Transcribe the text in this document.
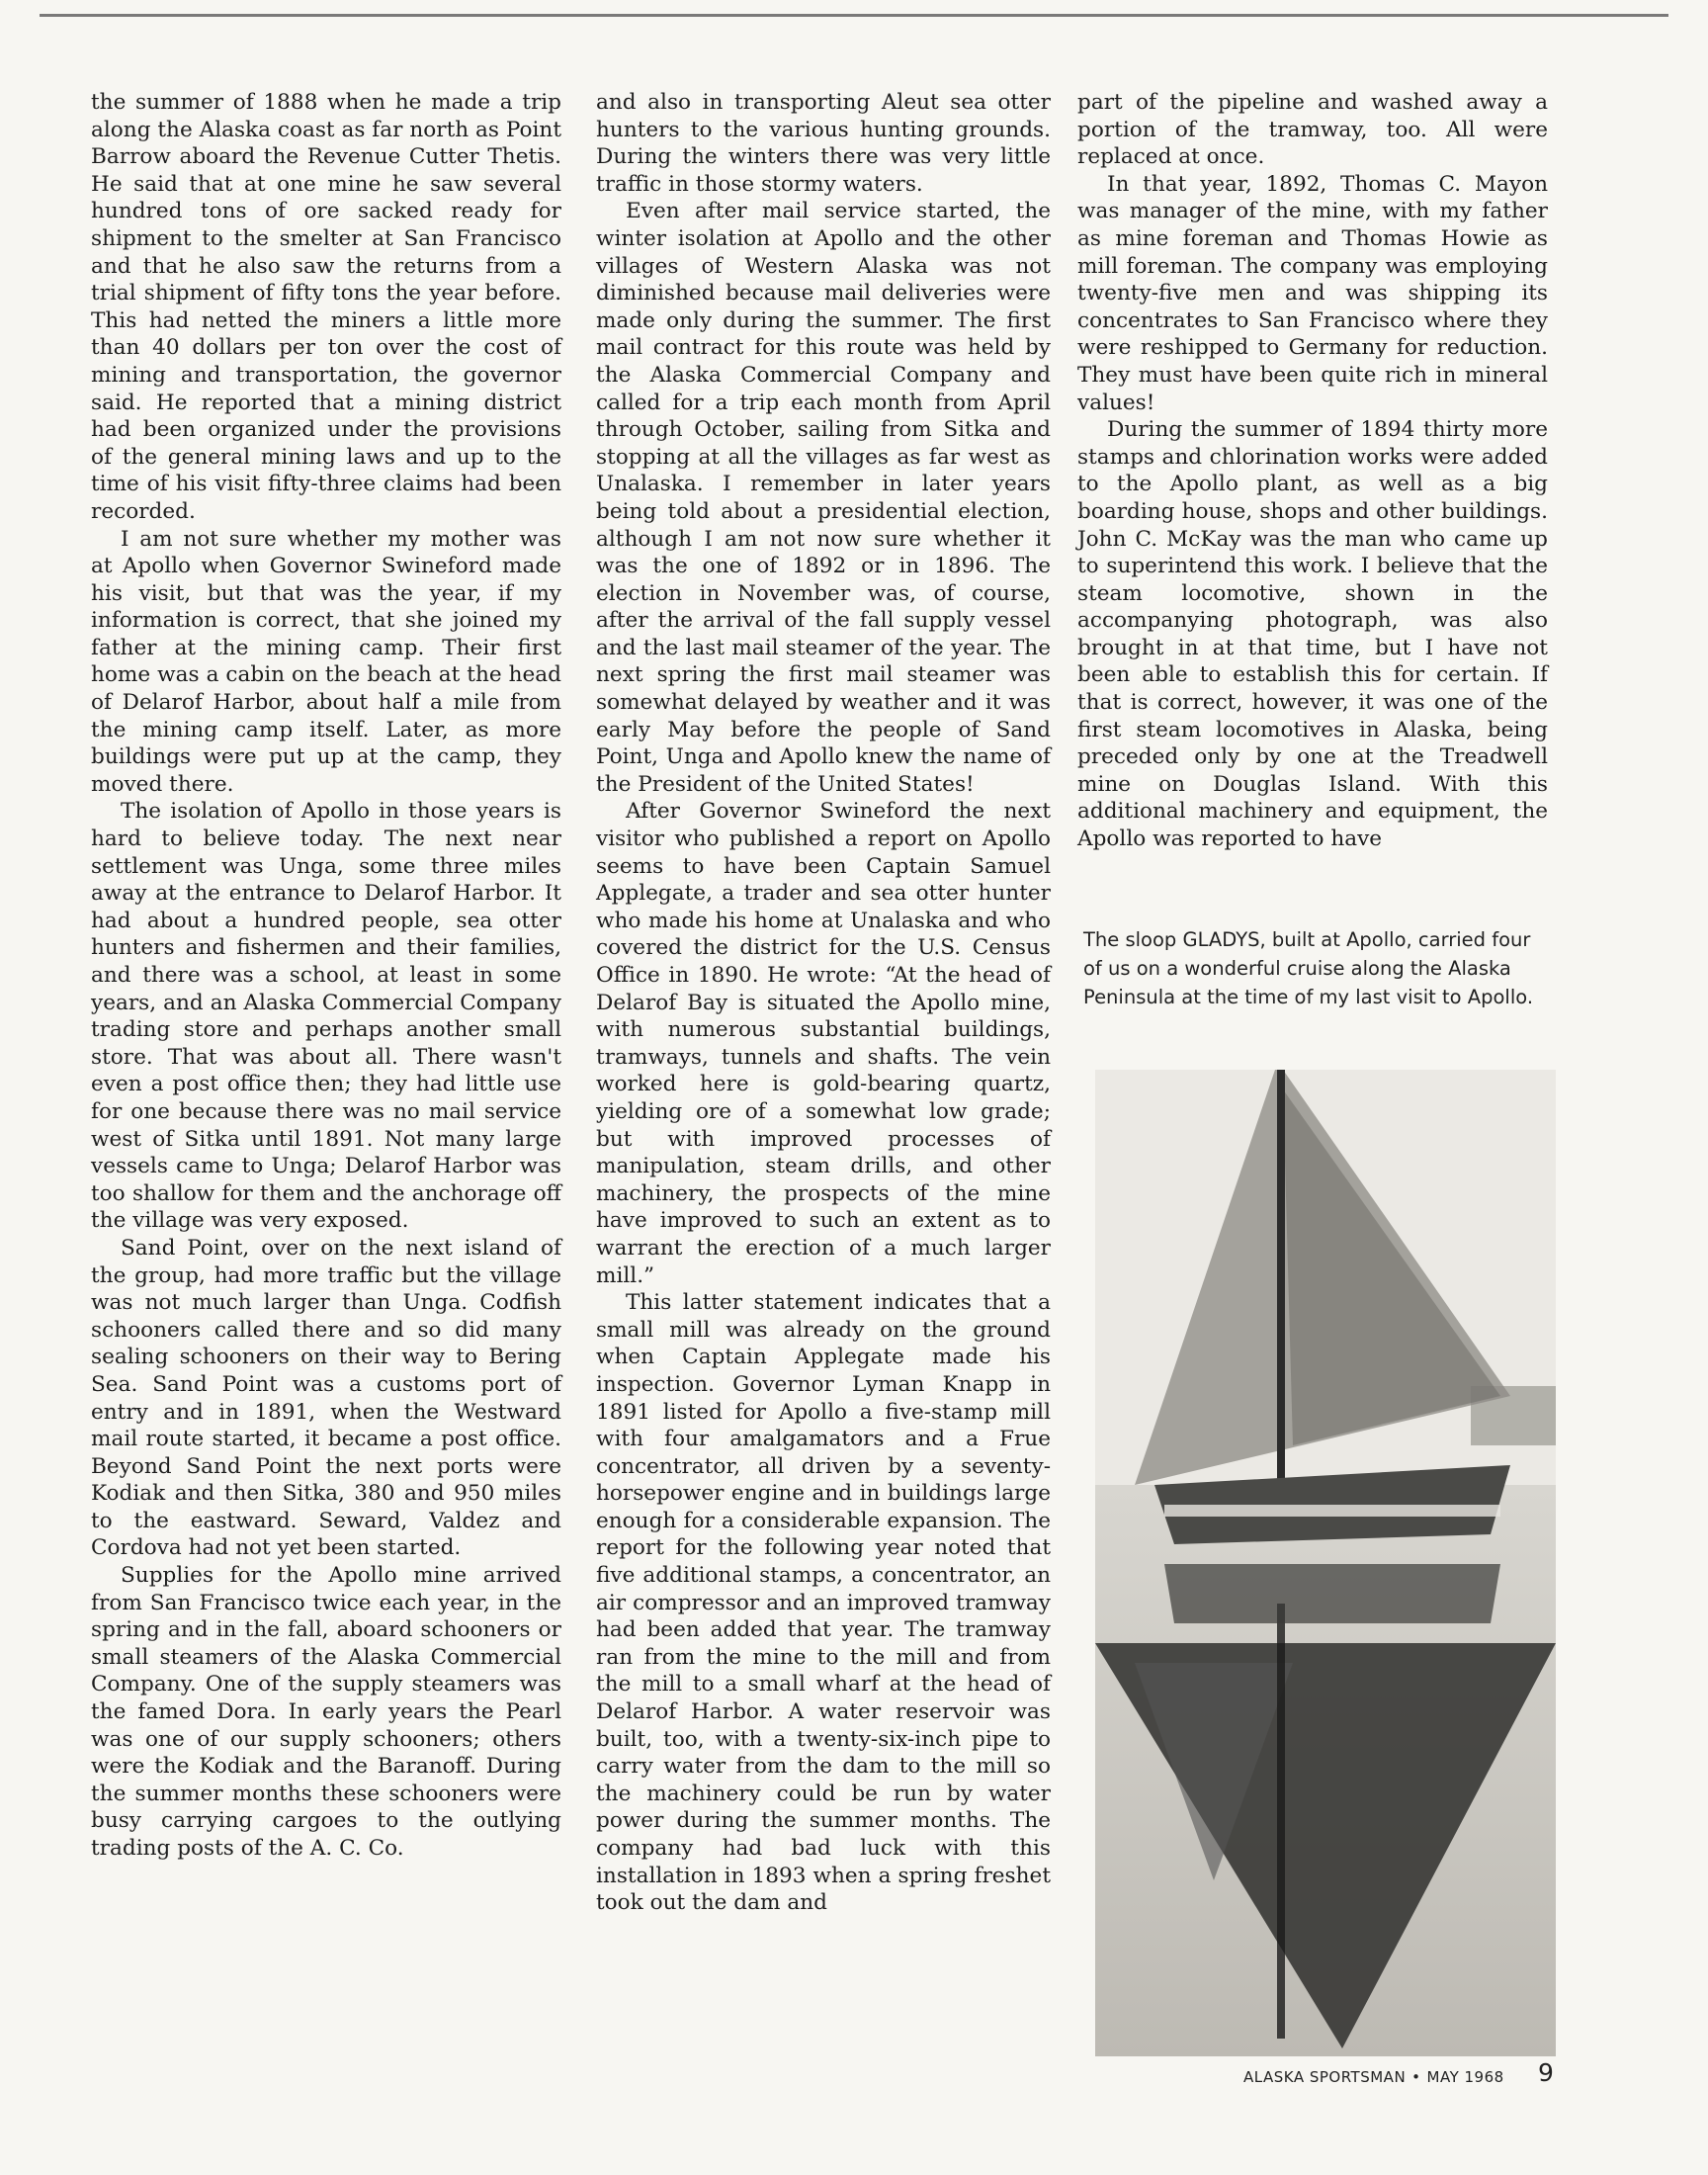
the summer of 1888 when he made a trip along the Alaska coast as far north as Point Barrow aboard the Revenue Cutter Thetis. He said that at one mine he saw several hundred tons of ore sacked ready for shipment to the smelter at San Francisco and that he also saw the returns from a trial shipment of fifty tons the year before. This had netted the miners a little more than 40 dollars per ton over the cost of mining and transportation, the governor said. He reported that a mining district had been organized under the provisions of the general mining laws and up to the time of his visit fifty-three claims had been recorded.

I am not sure whether my mother was at Apollo when Governor Swineford made his visit, but that was the year, if my information is correct, that she joined my father at the mining camp. Their first home was a cabin on the beach at the head of Delarof Harbor, about half a mile from the mining camp itself. Later, as more buildings were put up at the camp, they moved there.

The isolation of Apollo in those years is hard to believe today. The next near settlement was Unga, some three miles away at the entrance to Delarof Harbor. It had about a hundred people, sea otter hunters and fishermen and their families, and there was a school, at least in some years, and an Alaska Commercial Company trading store and perhaps another small store. That was about all. There wasn't even a post office then; they had little use for one because there was no mail service west of Sitka until 1891. Not many large vessels came to Unga; Delarof Harbor was too shallow for them and the anchorage off the village was very exposed.

Sand Point, over on the next island of the group, had more traffic but the village was not much larger than Unga. Codfish schooners called there and so did many sealing schooners on their way to Bering Sea. Sand Point was a customs port of entry and in 1891, when the Westward mail route started, it became a post office. Beyond Sand Point the next ports were Kodiak and then Sitka, 380 and 950 miles to the eastward. Seward, Valdez and Cordova had not yet been started.

Supplies for the Apollo mine arrived from San Francisco twice each year, in the spring and in the fall, aboard schooners or small steamers of the Alaska Commercial Company. One of the supply steamers was the famed Dora. In early years the Pearl was one of our supply schooners; others were the Kodiak and the Baranoff. During the summer months these schooners were busy carrying cargoes to the outlying trading posts of the A. C. Co.

and also in transporting Aleut sea otter hunters to the various hunting grounds. During the winters there was very little traffic in those stormy waters.

Even after mail service started, the winter isolation at Apollo and the other villages of Western Alaska was not diminished because mail deliveries were made only during the summer. The first mail contract for this route was held by the Alaska Commercial Company and called for a trip each month from April through October, sailing from Sitka and stopping at all the villages as far west as Unalaska. I remember in later years being told about a presidential election, although I am not now sure whether it was the one of 1892 or in 1896. The election in November was, of course, after the arrival of the fall supply vessel and the last mail steamer of the year. The next spring the first mail steamer was somewhat delayed by weather and it was early May before the people of Sand Point, Unga and Apollo knew the name of the President of the United States!

After Governor Swineford the next visitor who published a report on Apollo seems to have been Captain Samuel Applegate, a trader and sea otter hunter who made his home at Unalaska and who covered the district for the U.S. Census Office in 1890. He wrote: “At the head of Delarof Bay is situated the Apollo mine, with numerous substantial buildings, tramways, tunnels and shafts. The vein worked here is gold-bearing quartz, yielding ore of a somewhat low grade; but with improved processes of manipulation, steam drills, and other machinery, the prospects of the mine have improved to such an extent as to warrant the erection of a much larger mill.”

This latter statement indicates that a small mill was already on the ground when Captain Applegate made his inspection. Governor Lyman Knapp in 1891 listed for Apollo a five-stamp mill with four amalgamators and a Frue concentrator, all driven by a seventy-horsepower engine and in buildings large enough for a considerable expansion. The report for the following year noted that five additional stamps, a concentrator, an air compressor and an improved tramway had been added that year. The tramway ran from the mine to the mill and from the mill to a small wharf at the head of Delarof Harbor. A water reservoir was built, too, with a twenty-six-inch pipe to carry water from the dam to the mill so the machinery could be run by water power during the summer months. The company had bad luck with this installation in 1893 when a spring freshet took out the dam and

part of the pipeline and washed away a portion of the tramway, too. All were replaced at once.

In that year, 1892, Thomas C. Mayon was manager of the mine, with my father as mine foreman and Thomas Howie as mill foreman. The company was employing twenty-five men and was shipping its concentrates to San Francisco where they were reshipped to Germany for reduction. They must have been quite rich in mineral values!

During the summer of 1894 thirty more stamps and chlorination works were added to the Apollo plant, as well as a big boarding house, shops and other buildings. John C. McKay was the man who came up to superintend this work. I believe that the steam locomotive, shown in the accompanying photograph, was also brought in at that time, but I have not been able to establish this for certain. If that is correct, however, it was one of the first steam locomotives in Alaska, being preceded only by one at the Treadwell mine on Douglas Island. With this additional machinery and equipment, the Apollo was reported to have

The sloop GLADYS, built at Apollo, carried four of us on a wonderful cruise along the Alaska Peninsula at the time of my last visit to Apollo.
ALASKA SPORTSMAN • MAY 1968 9
